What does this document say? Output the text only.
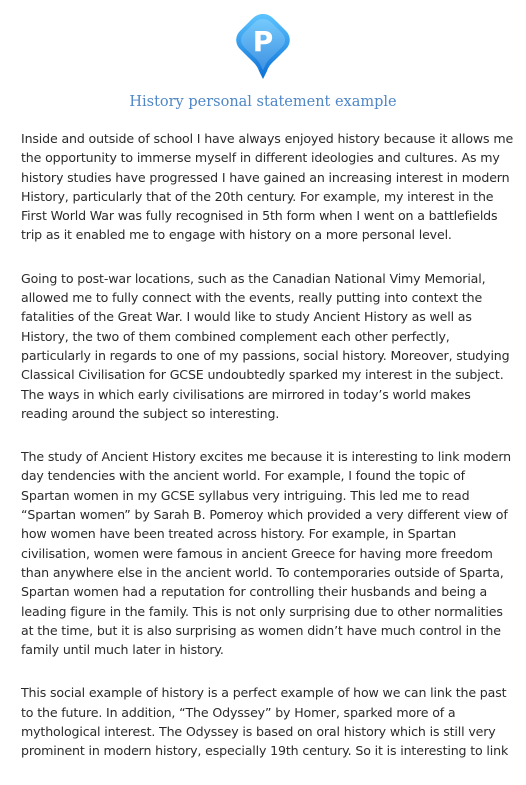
P
History personal statement example

Inside and outside of school I have always enjoyed history because it allows me the opportunity to immerse myself in different ideologies and cultures. As my history studies have progressed I have gained an increasing interest in modern History, particularly that of the 20th century. For example, my interest in the First World War was fully recognised in 5th form when I went on a battlefields trip as it enabled me to engage with history on a more personal level.

Going to post-war locations, such as the Canadian National Vimy Memorial, allowed me to fully connect with the events, really putting into context the fatalities of the Great War. I would like to study Ancient History as well as History, the two of them combined complement each other perfectly, particularly in regards to one of my passions, social history. Moreover, studying Classical Civilisation for GCSE undoubtedly sparked my interest in the subject. The ways in which early civilisations are mirrored in today’s world makes reading around the subject so interesting.

The study of Ancient History excites me because it is interesting to link modern day tendencies with the ancient world. For example, I found the topic of Spartan women in my GCSE syllabus very intriguing. This led me to read “Spartan women” by Sarah B. Pomeroy which provided a very different view of how women have been treated across history. For example, in Spartan civilisation, women were famous in ancient Greece for having more freedom than anywhere else in the ancient world. To contemporaries outside of Sparta, Spartan women had a reputation for controlling their husbands and being a leading figure in the family. This is not only surprising due to other normalities at the time, but it is also surprising as women didn’t have much control in the family until much later in history.

This social example of history is a perfect example of how we can link the past to the future. In addition, “The Odyssey” by Homer, sparked more of a mythological interest. The Odyssey is based on oral history which is still very prominent in modern history, especially 19th century. So it is interesting to link
